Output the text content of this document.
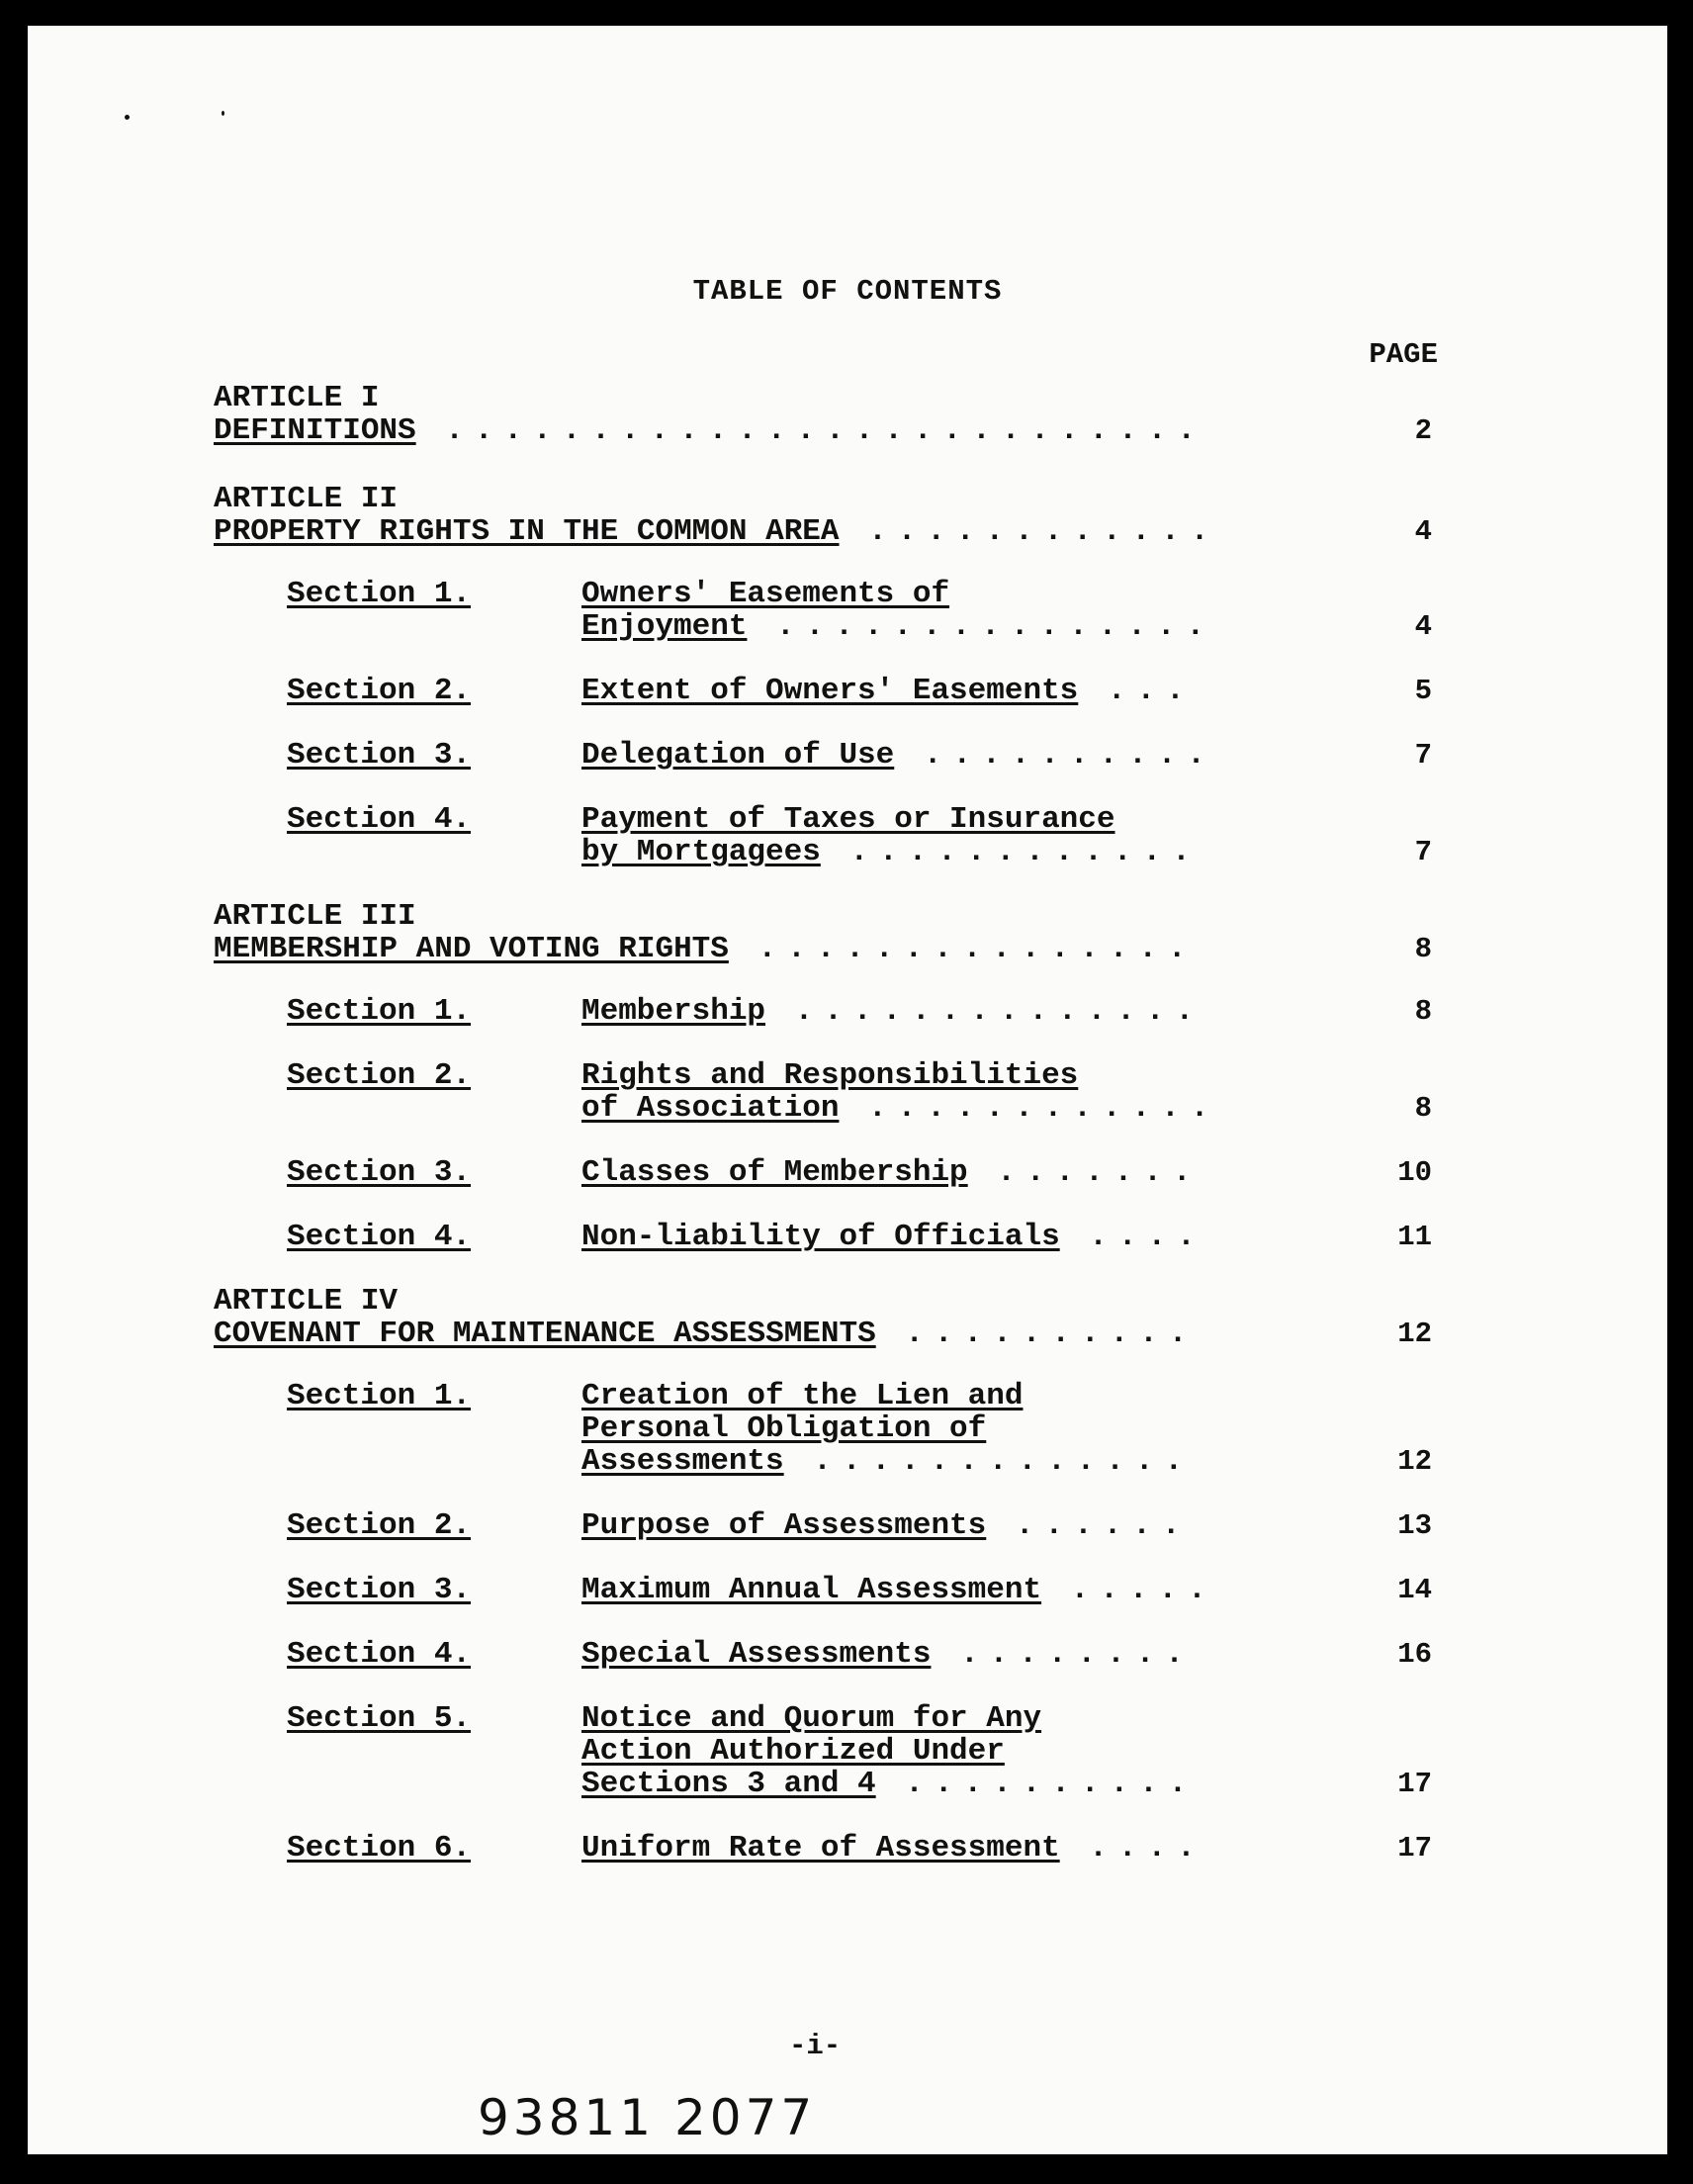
TABLE OF CONTENTS
PAGE
ARTICLE I
DEFINITIONS ..........................	2
ARTICLE II
PROPERTY RIGHTS IN THE COMMON AREA ............	4
Section 1.	Owners' Easements of
Enjoyment ...............	4
Section 2.	Extent of Owners' Easements ...	5
Section 3.	Delegation of Use ..........	7
Section 4.	Payment of Taxes or Insurance
by Mortgagees ............	7
ARTICLE III
MEMBERSHIP AND VOTING RIGHTS ...............	8
Section 1.	Membership ..............	8
Section 2.	Rights and Responsibilities
of Association ............	8
Section 3.	Classes of Membership .......	10
Section 4.	Non-liability of Officials ....	11
ARTICLE IV
COVENANT FOR MAINTENANCE ASSESSMENTS ..........	12
Section 1.	Creation of the Lien and
Personal Obligation of
Assessments .............	12
Section 2.	Purpose of Assessments ......	13
Section 3.	Maximum Annual Assessment .....	14
Section 4.	Special Assessments ........	16
Section 5.	Notice and Quorum for Any
Action Authorized Under
Sections 3 and 4 ..........	17
Section 6.	Uniform Rate of Assessment ....	17
-i-
93811 2077
